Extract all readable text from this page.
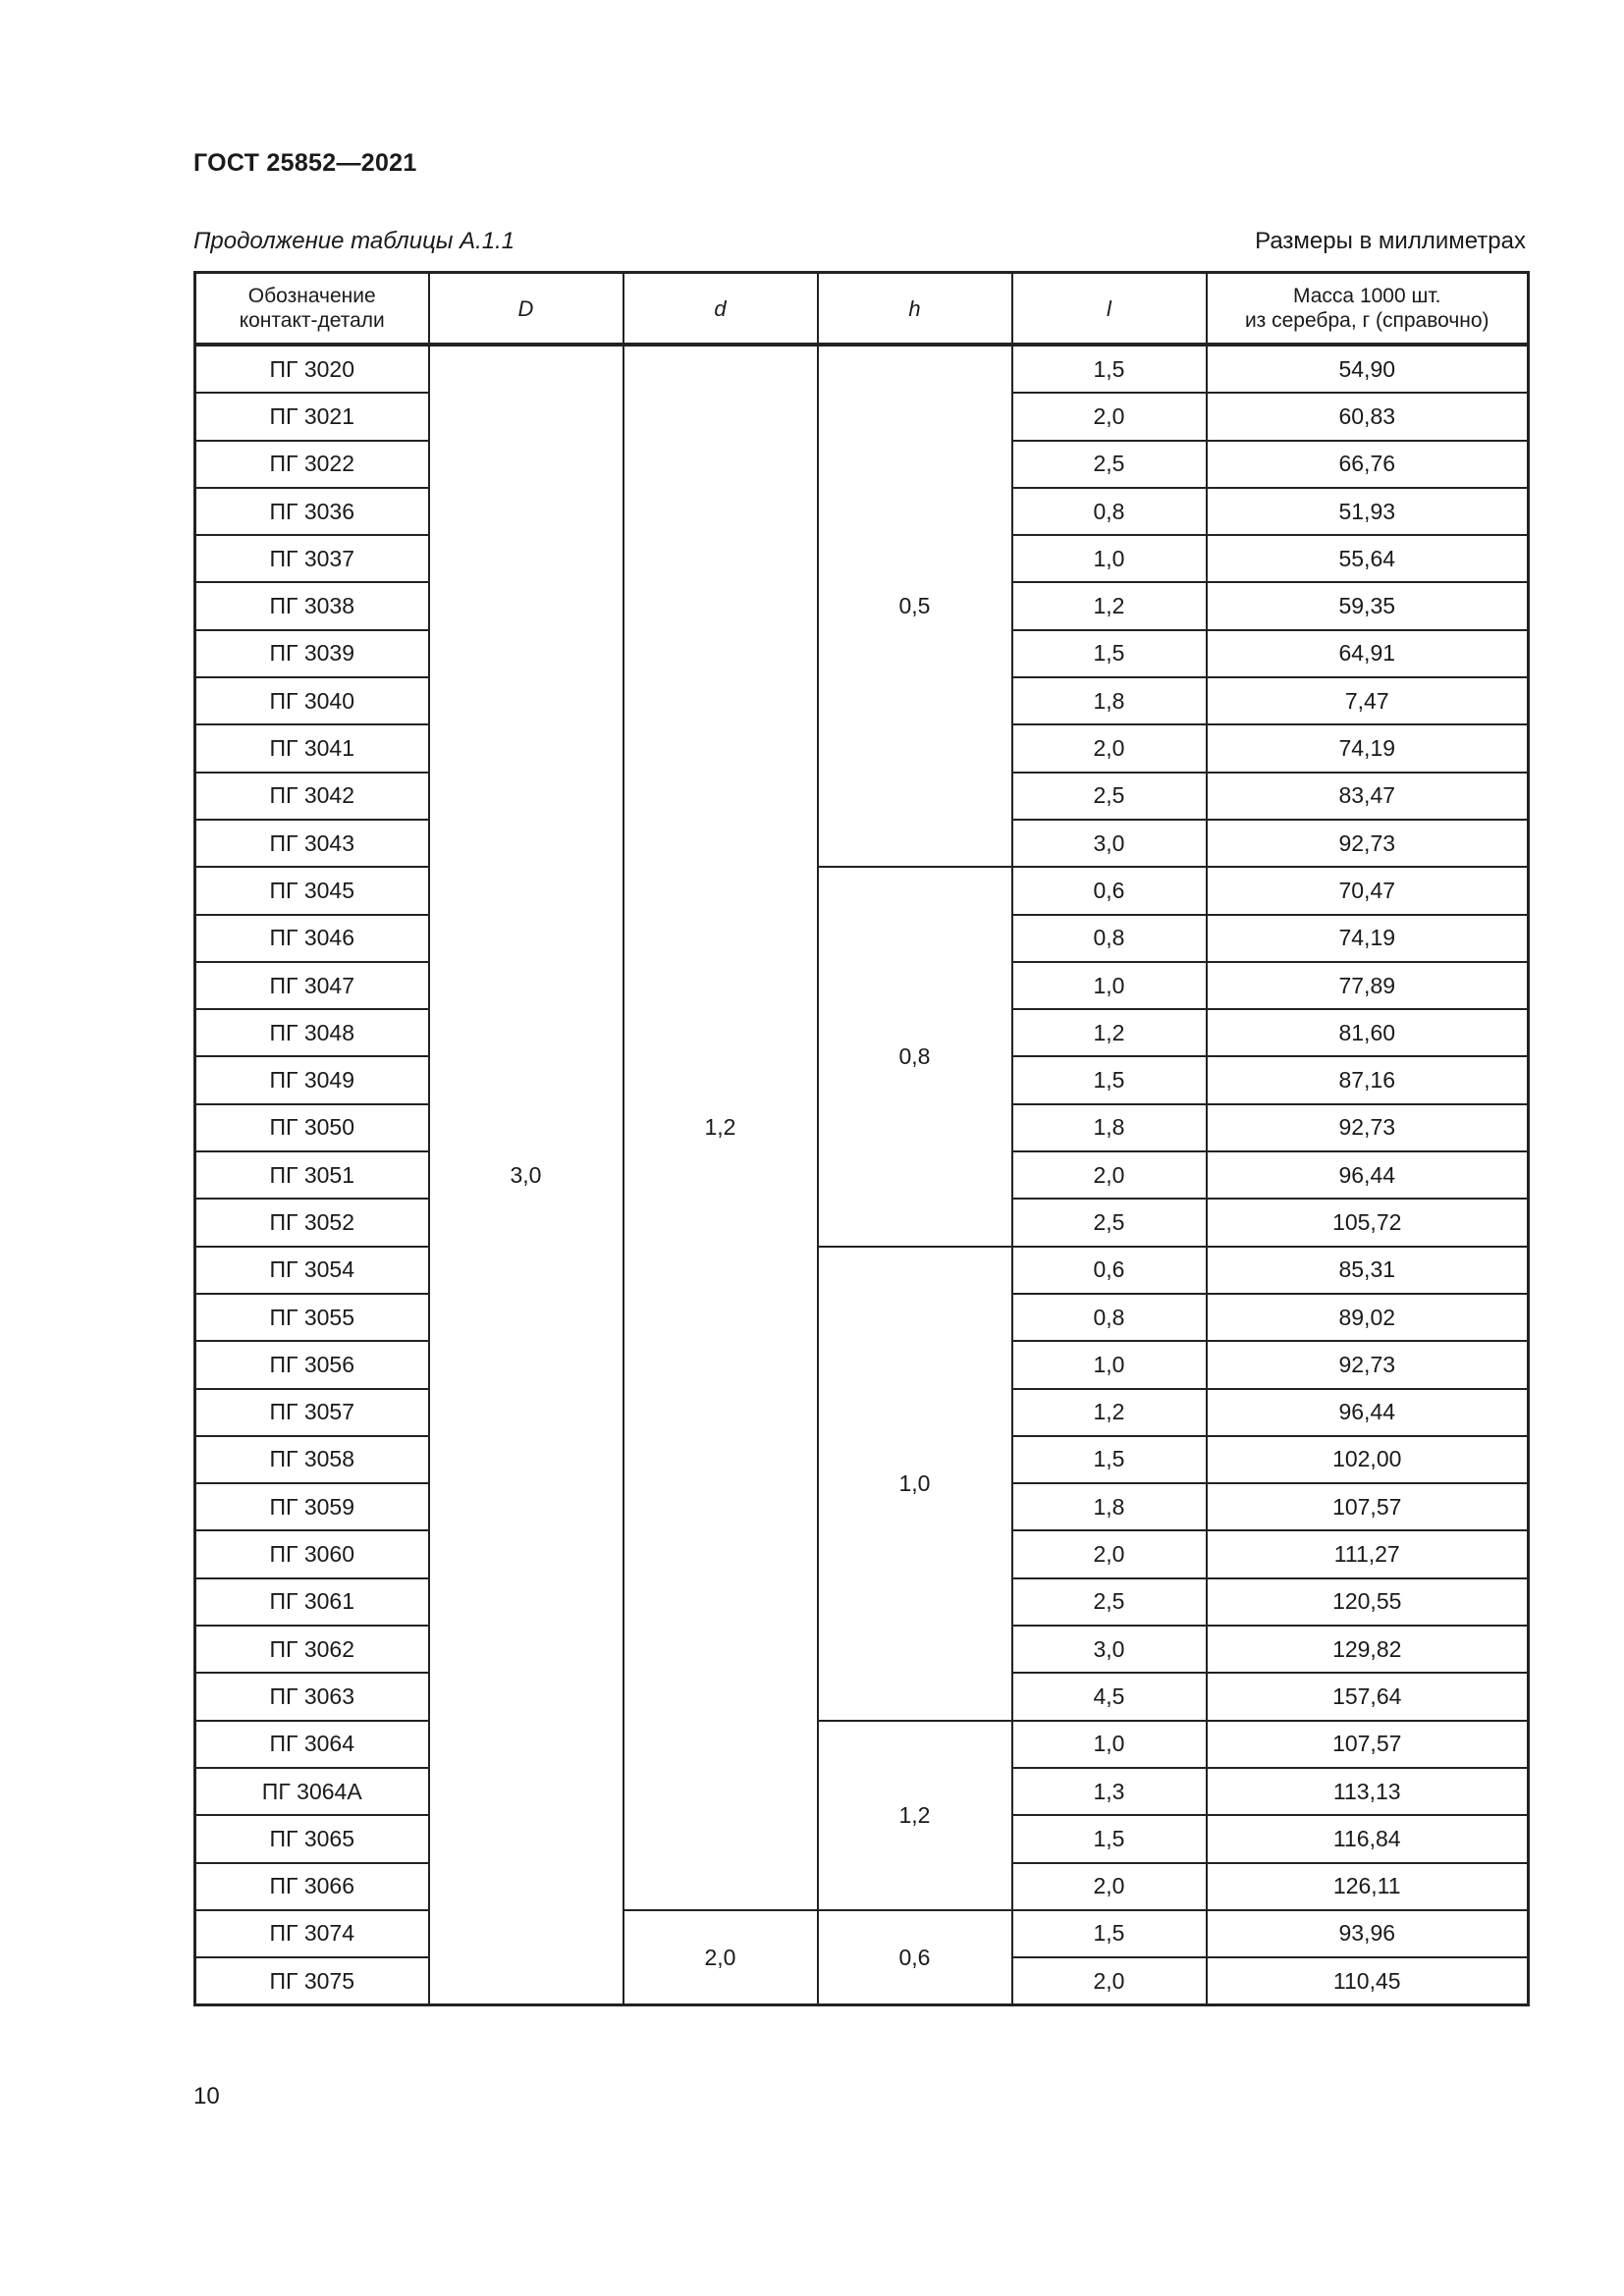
ГОСТ 25852—2021
Продолжение таблицы А.1.1	Размеры в миллиметрах
Обозначение
контакт-детали	D	d	h	l	Масса 1000 шт.
из серебра, г (справочно)
ПГ 3020	3,0	1,2	0,5	1,5	54,90
ПГ 3021				2,0	60,83
ПГ 3022				2,5	66,76
ПГ 3036				0,8	51,93
ПГ 3037				1,0	55,64
ПГ 3038				1,2	59,35
ПГ 3039				1,5	64,91
ПГ 3040				1,8	7,47
ПГ 3041				2,0	74,19
ПГ 3042				2,5	83,47
ПГ 3043				3,0	92,73
ПГ 3045			0,8	0,6	70,47
ПГ 3046				0,8	74,19
ПГ 3047				1,0	77,89
ПГ 3048				1,2	81,60
ПГ 3049				1,5	87,16
ПГ 3050				1,8	92,73
ПГ 3051				2,0	96,44
ПГ 3052				2,5	105,72
ПГ 3054			1,0	0,6	85,31
ПГ 3055				0,8	89,02
ПГ 3056				1,0	92,73
ПГ 3057				1,2	96,44
ПГ 3058				1,5	102,00
ПГ 3059				1,8	107,57
ПГ 3060				2,0	111,27
ПГ 3061				2,5	120,55
ПГ 3062				3,0	129,82
ПГ 3063				4,5	157,64
ПГ 3064			1,2	1,0	107,57
ПГ 3064А				1,3	113,13
ПГ 3065				1,5	116,84
ПГ 3066				2,0	126,11
ПГ 3074		2,0	0,6	1,5	93,96
ПГ 3075				2,0	110,45
10
